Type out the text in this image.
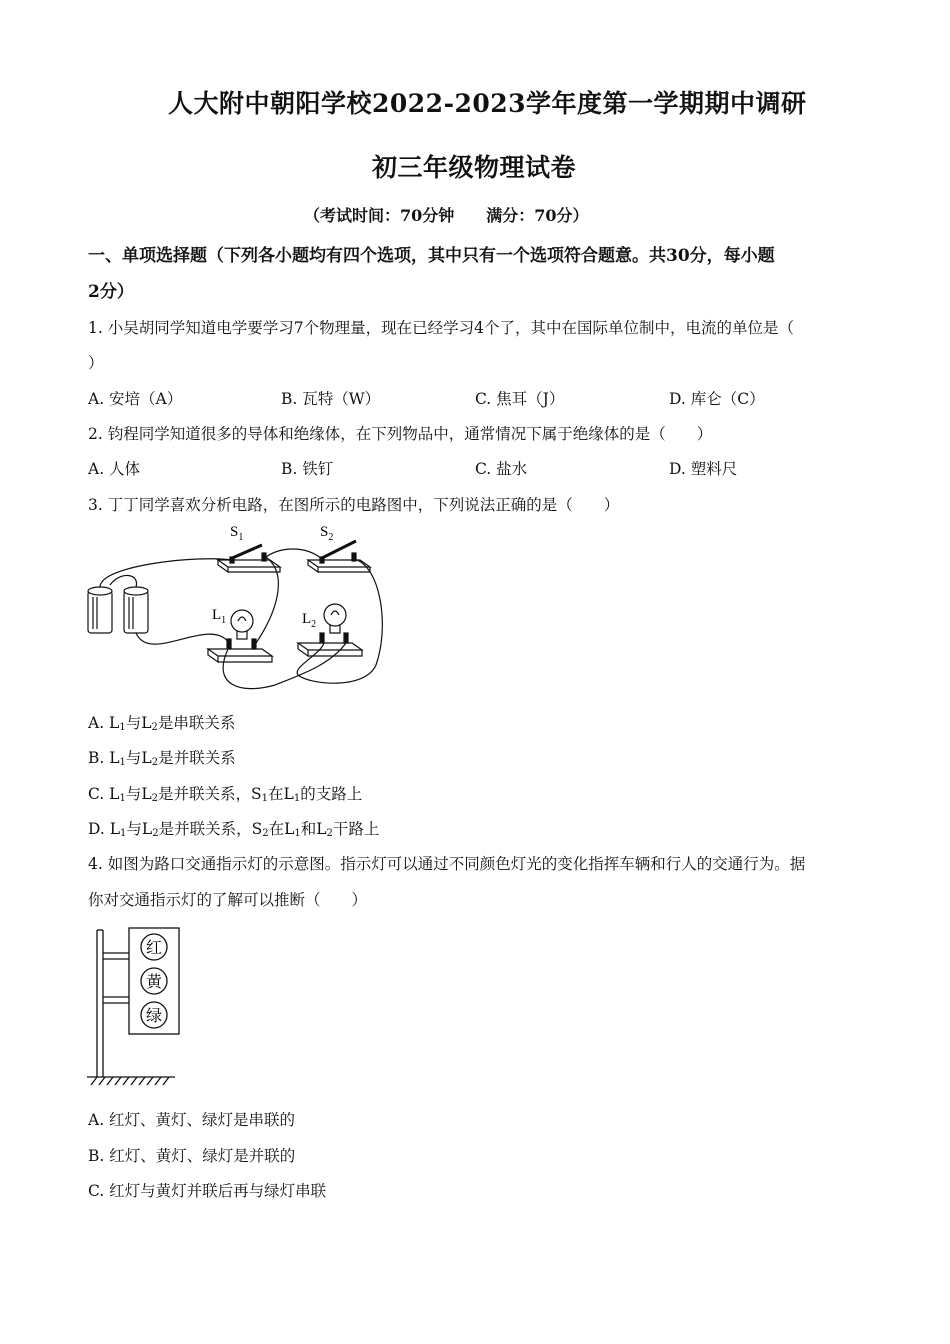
人大附中朝阳学校2022-2023学年度第一学期期中调研
初三年级物理试卷
（考试时间：70分钟　　满分：70分）
一、单项选择题（下列各小题均有四个选项，其中只有一个选项符合题意。共30分，每小题
2分）
1. 小吴胡同学知道电学要学习7个物理量，现在已经学习4个了，其中在国际单位制中，电流的单位是（
）
A. 安培（A）	B. 瓦特（W）	C. 焦耳（J）	D. 库仑（C）
2. 钧程同学知道很多的导体和绝缘体，在下列物品中，通常情况下属于绝缘体的是（　　）
A. 人体	B. 铁钉	C. 盐水	D. 塑料尺
3. 丁丁同学喜欢分析电路，在图所示的电路图中，下列说法正确的是（　　）
$S_1$	$S_2$
$L_1$	$L_2$
A. $L_1$与$L_2$是串联关系
B. $L_1$与$L_2$是并联关系
C. $L_1$与$L_2$是并联关系，$S_1$在$L_1$的支路上
D. $L_1$与$L_2$是并联关系，$S_2$在$L_1$和$L_2$干路上
4. 如图为路口交通指示灯的示意图。指示灯可以通过不同颜色灯光的变化指挥车辆和行人的交通行为。据
你对交通指示灯的了解可以推断（　　）
红
黄
绿
A. 红灯、黄灯、绿灯是串联的
B. 红灯、黄灯、绿灯是并联的
C. 红灯与黄灯并联后再与绿灯串联
